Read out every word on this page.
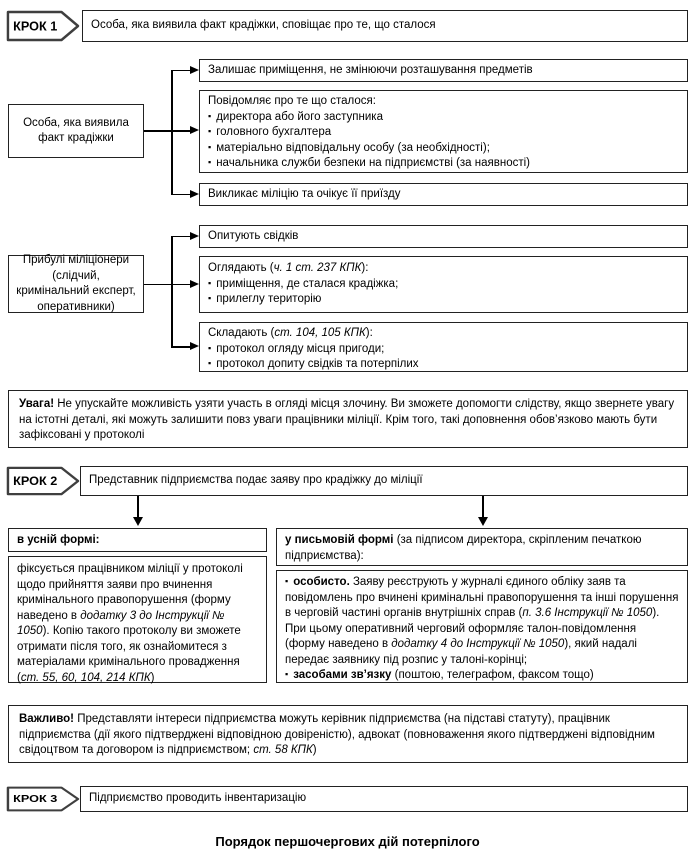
КРОК 1	Особа, яка виявила факт крадіжки, сповіщає про те, що сталося
Особа, яка виявила факт крадіжки
Залишає приміщення, не змінюючи розташування предметів
Повідомляє про те що сталося:
▪ директора або його заступника
▪ головного бухгалтера
▪ матеріально відповідальну особу (за необхідності);
▪ начальника служби безпеки на підприємстві (за наявності)
Викликає міліцію та очікує її приїзду
Прибулі міліціонери (слідчий, кримінальний експерт, оперативники)
Опитують свідків
Оглядають (ч. 1 ст. 237 КПК):
▪ приміщення, де сталася крадіжка;
▪ прилеглу територію
Складають (ст. 104, 105 КПК):
▪ протокол огляду місця пригоди;
▪ протокол допиту свідків та потерпілих
Увага! Не упускайте можливість узяти участь в огляді місця злочину. Ви зможете допомогти слідству, якщо звернете увагу на істотні деталі, які можуть залишити повз уваги працівники міліції. Крім того, такі доповнення обов’язково мають бути зафіксовані у протоколі
КРОК 2	Представник підприємства подає заяву про крадіжку до міліції
в усній формі:
фіксується працівником міліції у протоколі щодо прийняття заяви про вчинення кримінального правопорушення (форму наведено в додатку 3 до Інструкції № 1050). Копію такого протоколу ви зможете отримати після того, як ознайомитеся з матеріалами кримінального провадження (ст. 55, 60, 104, 214 КПК)
у письмовій формі (за підписом директора, скріпленим печаткою підприємства):
▪ особисто. Заяву реєструють у журналі єдиного обліку заяв та повідомлень про вчинені кримінальні правопорушення та інші порушення в черговій частині органів внутрішніх справ (п. 3.6 Інструкції № 1050). При цьому оперативний черговий оформляє талон-повідомлення (форму наведено в додатку 4 до Інструкції № 1050), який надалі передає заявнику під розпис у талоні-корінці;
▪ засобами зв’язку (поштою, телеграфом, факсом тощо)
Важливо! Представляти інтереси підприємства можуть керівник підприємства (на підставі статуту), працівник підприємства (дії якого підтверджені відповідною довіреністю), адвокат (повноваження якого підтверджені відповідним свідоцтвом та договором із підприємством; ст. 58 КПК)
КРОК 3	Підприємство проводить інвентаризацію
Порядок першочергових дій потерпілого
